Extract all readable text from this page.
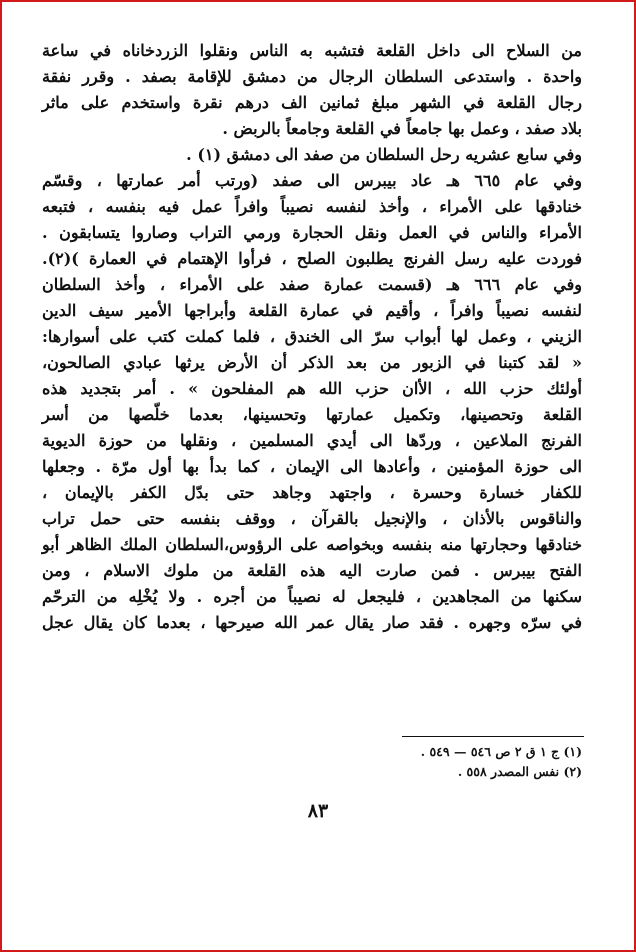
من السلاح الى داخل القلعة فتشبه به الناس ونقلوا الزردخاناه في ساعة
واحدة . واستدعى السلطان الرجال من دمشق للإقامة بصفد . وقرر نفقة
رجال القلعة في الشهر مبلغ ثمانين الف درهم نقرة واستخدم على ماثر
بلاد صفد ، وعمل بها جامعاً في القلعة وجامعاً بالربض .
وفي سابع عشريه رحل السلطان من صفد الى دمشق (١) .
وفي عام ٦٦٥ هـ عاد بيبرس الى صفد (ورتب أمر عمارتها ، وقسّم
خنادقها على الأمراء ، وأخذ لنفسه نصيباً وافراً عمل فيه بنفسه ، فتبعه
الأمراء والناس في العمل ونقل الحجارة ورمي التراب وصاروا يتسابقون .
فوردت عليه رسل الفرنج يطلبون الصلح ، فرأوا الإهتمام في العمارة )(٢).
وفي عام ٦٦٦ هـ (قسمت عمارة صفد على الأمراء ، وأخذ السلطان
لنفسه نصيباً وافراً ، وأقيم في عمارة القلعة وأبراجها الأمير سيف الدين
الزيني ، وعمل لها أبواب سرّ الى الخندق ، فلما كملت كتب على أسوارها:
« لقد كتبنا في الزبور من بعد الذكر أن الأرض يرثها عبادي الصالحون،
أولئك حزب الله ، الأان حزب الله هم المفلحون » . أمر بتجديد هذه
القلعة وتحصينها، وتكميل عمارتها وتحسينها، بعدما خلّصها من أسر
الفرنج الملاعين ، وردّها الى أيدي المسلمين ، ونقلها من حوزة الديوية
الى حوزة المؤمنين ، وأعادها الى الإيمان ، كما بدأ بها أول مرّة . وجعلها
للكفار خسارة وحسرة ، واجتهد وجاهد حتى بدّل الكفر بالإيمان ،
والناقوس بالأذان ، والإنجيل بالقرآن ، ووقف بنفسه حتى حمل تراب
خنادقها وحجارتها منه بنفسه وبخواصه على الرؤوس،السلطان الملك الظاهر أبو
الفتح بيبرس . فمن صارت اليه هذه القلعة من ملوك الاسلام ، ومن
سكنها من المجاهدين ، فليجعل له نصيباً من أجره . ولا يُخْلِه من الترحّم
في سرّه وجهره . فقد صار يقال عمر الله صيرحها ، بعدما كان يقال عجل
(١) ج ١ ق ٢ ص ٥٤٦ — ٥٤٩ .
(٢) نفس المصدر ٥٥٨ .
٨٣
